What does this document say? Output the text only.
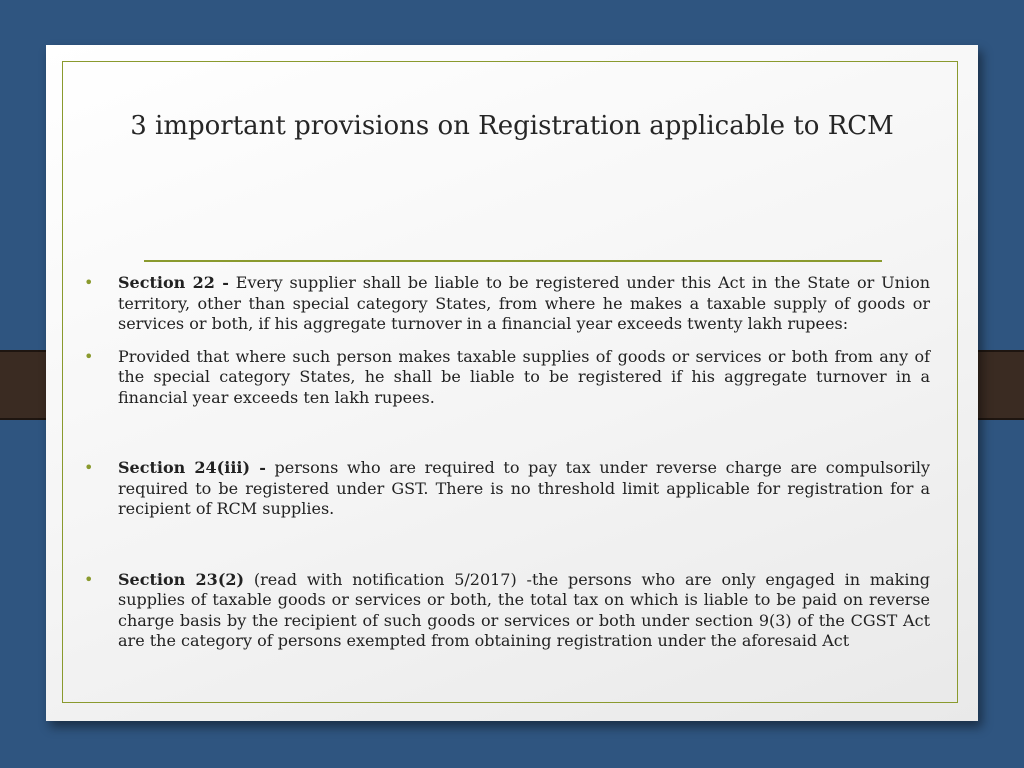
3 important provisions on Registration applicable to RCM
• Section 22 - Every supplier shall be liable to be registered under this Act in the State or Union territory, other than special category States, from where he makes a taxable supply of goods or services or both, if his aggregate turnover in a financial year exceeds twenty lakh rupees:
• Provided that where such person makes taxable supplies of goods or services or both from any of the special category States, he shall be liable to be registered if his aggregate turnover in a financial year exceeds ten lakh rupees.
• Section 24(iii) - persons who are required to pay tax under reverse charge are compulsorily required to be registered under GST. There is no threshold limit applicable for registration for a recipient of RCM supplies.
• Section 23(2) (read with notification 5/2017) -the persons who are only engaged in making supplies of taxable goods or services or both, the total tax on which is liable to be paid on reverse charge basis by the recipient of such goods or services or both under section 9(3) of the CGST Act are the category of persons exempted from obtaining registration under the aforesaid Act
